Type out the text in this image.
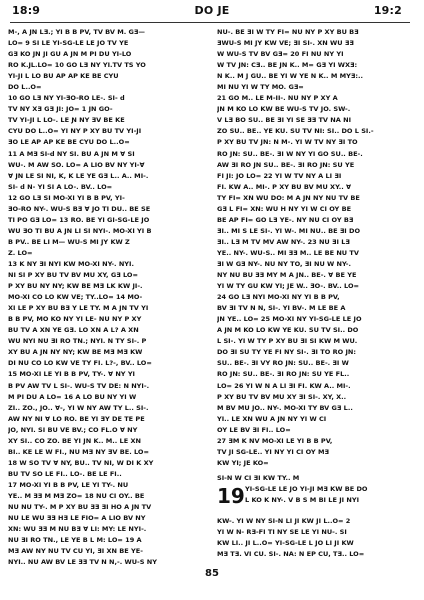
18:9	DO JE	19:2
M-, A JN LƎ.; YI B B PV, TV BV M. GƎ—
LO= 9 SI LE YI-SG-LE LE JO TV YE
GƎ KO JN JI GU A JN M PI DU YI-LO
RO K.JL.LO= 10 GO LƎ NY YI.TV TS YO
YI-JI L LO BU AP AP KE BE CYU
DO L..O=
10 GO LƎ NY YI-ƎO-RO LE-. SI- d
TV NY XƎ GƎ JI: JO= 1 JN GO-
TV YI-JI L LO-. LE Ɲ NY ƎV BE KE
CYU DO L..O= YI NY P XY BU TV YI-JI
ƎO LE AP AP KE BE CYU DO L..O=
11 A MƎ SI-d NY SI. BU A JN M Ɐ SI
WU-. M AW SO. LO= A LIO BV NY YI-Ɐ
Ɐ JN LE SI NI, K, K LE YE GƎ L.. A.. MI-.
SI- d N- YI SI A LO-. BV.. LO=
12 GO LƎ SI MO-XI YI B B PV, YI-
ƎO-RO NY-. WU-S BƎ Ɐ JO TI DU.. BE SE
TI PO GƎ LO= 13 RO. BE YI GI-SG-LE JO
WU ƎO TI BU A JN LI SI NYI-. MO-XI YI B
B PV.. BE LI M— WU-S MI JY KW Z
Z. LO=
13 K NY ƎI NYI KW MO-XI NY-. NYI.
NI SI P XY BU TV BV MU XY, GƎ LO=
P XY BU NY NY; KW BE MƎ LK KW JI-.
MO-XI CO LO KW VE; TY..LO= 14 MO-
XI LE P XY BU BƎ Y LE TY. M A JN TV YI
B B PV, MO KO NY YI LE- NU NY P XY
BU TV A XN YE GƎ. LO XN A L? A XN
WU NYI NU ƎI RO TN.; NYI. N TY SI-. P
XY BU A JN NY NY; KW BE MƎ MƎ KW
DI NU CO LO KW VE TY FI. L?-, BV.. LO=
15 MO-XI LE YI B B PV, TY-. Ɐ NY YI
B PV AW TV L SI-. WU-S TV DE: N NYI-.
M PI DU A LO= 16 A LO BU NY YI W
ZI.. ZO., JO.. Ɐ-, YI W NY AW TY L.. SI-.
AW NY NI Ɐ LO RO. BE YI ƎY DE TE PE
JO, NYI. SI BU VE BV.; CO FL.O Ɐ NY
XY SI.. CO ZO. BE YI JN K.. M.. LE XN
BI.. KE LE W FI., NU MƎ NY ƎV BE. LO=
18 W SO TV Ɐ NY, BU.. TV NI, W DI K XY
BU TV SO LE FI.. LO-. BE LE FI..
17 MO-XI YI B B PV, LE YI TY-. NU
YE.. M ƎƎ M MƎ ZO= 18 NU CI OY.. BE
NU NU TY-. M P XY BU ƎƎ ƎI HO A JN TV
NU LE WU ƎƎ HƎ LE FIO= A LIO BV NY
XN: WU ƎƎ M NU BƎ Ɐ LI: MY: LE NYI-.
NU ƎI RO TN., LE YE B L M: LO= 19 A
MƎ AW NY NU TV CU YI, ƎI XN BE YE-
NYI.. NU AW BV LE ƎƎ TV N N,-. WU-S NY
NU-. BE ƎI W TY FI= NU NY P XY BU BƎ
ƎWU-S MI JY KW VE; ƎI SI-. XN WU ƎƎ
W WU-S TV BV GƎ= 20 FI NU NY YI
W TV JN: CƎ.. BE JN K.. M= GƎ YI WXƎ:
N K.. M J GU.. BE YI W YE N K.. M MYƎ:..
MI NU YI W TY MO. GƎ=
21 GO M.. LE M-II-. NU NY P XY A
JN M KO LO KW BE WU-S TV JO. SW-.
V LƎ BO SU.. BE ƎI YI SE ƎƎ TV NA NI
ZO SU.. BE.. YE KU. SU TV NI: SI.. DO L SI.-
P XY BU TV JN: N M-. YI W TV NY ƎI TO
RO JN: SU.. BE-. ƎI W NY YI GO SU.. BE-.
AW ƎI RO JN SU.. BE-. ƎI RO JN: SU YE
FI JI: JO LO= 22 YI W TV NY A LI ƎI
FI. KW A.. MI-. P XY BU BV MU XY.. Ɐ
TY FI= XN WU DO: M A JN NY NU TV BE
GƎ L FI= XN: WU H NY YI W CI OY BE
BE AP FI= GO LƎ YE-. NY NU CI OY BƎ
ƎI.. MI S LE SI-. YI W-. MI NU.. BE ƎI DO
ƎI.. LƎ M TV MV AW NY-. 23 NU ƎI LƎ
YE.. NY-. WU-S.. MI ƎƎ M.. LE BE NU TV
ƎI W GƎ NY-. NU NY TO, ƎI NU W NY-.
NY NU BU ƎƎ MY M A JN.. BE-. Ɐ BE YE
YI W TY GU KW YI; JE W.. ƎO-. BV.. LO=
24 GO LƎ NYI MO-XI NY YI B B PV,
BV ƎI TV N N, SI-. YI BV-. M LE BE A
JN YE.. LO= 25 MO-XI NY YI-SG-LE LE JO
A JN M KO LO KW YE KU. SU TV SI.. DO
L SI-. YI W TY P XY BU ƎI SI KW M WU.
DO ƎI SU TY YE FI NY SI-. ƎI TO RO JN:
SU.. BE-. ƎI VY RO JN: SU.. BE-. ƎI W
RO JN: SU.. BE-. ƎI RO JN: SU YE FL..
LO= 26 YI W N A LI ƎI FI. KW A.. MI-.
P XY BU TV BV MU XY ƎI SI-. XY, X..
M BV MU JO.. NY-. MO-XI TY BV GƎ L..
YI.. LE XN WU A JN NY YI W CI
OY LE BV ƎI FI.. LO=
27 ƎM K NV MO-XI LE YI B B PV,
TV JI SG-LE.. YI NY YI CI OY MƎ
KW YI; JE KO=
SI-N W CI ƎI KW TY.. M
19 YI-SG-LE LE JO YI-JI MƎ KW BE DO
L KO K NY-. V B S M BI LE JI NYI
KW-. YI W NY SI-N LI JI KW JI L..O= 2
YI W N- RƎ-FI TI NY SE LE YI NU-. SI
KW LI.. JI L..O= YI-SG-LE L JO LI JI KW
MƎ TƎ. VI CU. SI-. NA: N EP CU, TƎ.. LO=
85
